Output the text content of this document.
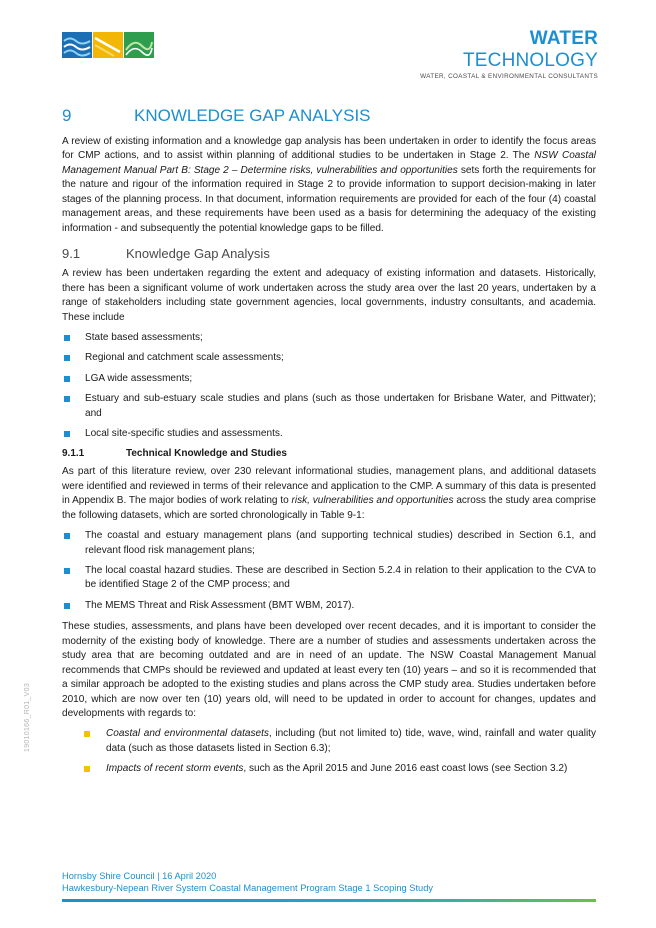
WATER TECHNOLOGY
WATER, COASTAL & ENVIRONMENTAL CONSULTANTS
9	KNOWLEDGE GAP ANALYSIS

A review of existing information and a knowledge gap analysis has been undertaken in order to identify the focus areas for CMP actions, and to assist within planning of additional studies to be undertaken in Stage 2. The NSW Coastal Management Manual Part B: Stage 2 – Determine risks, vulnerabilities and opportunities sets forth the requirements for the nature and rigour of the information required in Stage 2 to provide information to support decision-making in later stages of the planning process. In that document, information requirements are provided for each of the four (4) coastal management areas, and these requirements have been used as a basis for determining the adequacy of the existing information - and subsequently the potential knowledge gaps to be filled.

9.1	Knowledge Gap Analysis

A review has been undertaken regarding the extent and adequacy of existing information and datasets. Historically, there has been a significant volume of work undertaken across the study area over the last 20 years, undertaken by a range of stakeholders including state government agencies, local governments, industry consultants, and academia. These include

State based assessments;
Regional and catchment scale assessments;
LGA wide assessments;
Estuary and sub-estuary scale studies and plans (such as those undertaken for Brisbane Water, and Pittwater); and
Local site-specific studies and assessments.
9.1.1	Technical Knowledge and Studies

As part of this literature review, over 230 relevant informational studies, management plans, and additional datasets were identified and reviewed in terms of their relevance and application to the CMP. A summary of this data is presented in Appendix B. The major bodies of work relating to risk, vulnerabilities and opportunities across the study area comprise the following datasets, which are sorted chronologically in Table 9-1:

The coastal and estuary management plans (and supporting technical studies) described in Section 6.1, and relevant flood risk management plans;
The local coastal hazard studies. These are described in Section 5.2.4 in relation to their application to the CVA to be identified Stage 2 of the CMP process; and
The MEMS Threat and Risk Assessment (BMT WBM, 2017).

These studies, assessments, and plans have been developed over recent decades, and it is important to consider the modernity of the existing body of knowledge. There are a number of studies and assessments undertaken across the study area that are becoming outdated and are in need of an update. The NSW Coastal Management Manual recommends that CMPs should be reviewed and updated at least every ten (10) years – and so it is recommended that a similar approach be adopted to the existing studies and plans across the CMP study area. Studies undertaken before 2010, which are now over ten (10) years old, will need to be updated in order to account for changes, updates and developments with regards to:

Coastal and environmental datasets, including (but not limited to) tide, wave, wind, rainfall and water quality data (such as those datasets listed in Section 6.3);
Impacts of recent storm events, such as the April 2015 and June 2016 east coast lows (see Section 3.2)
19010166_R01_V03
Hornsby Shire Council | 16 April 2020
Hawkesbury-Nepean River System Coastal Management Program Stage 1 Scoping Study
